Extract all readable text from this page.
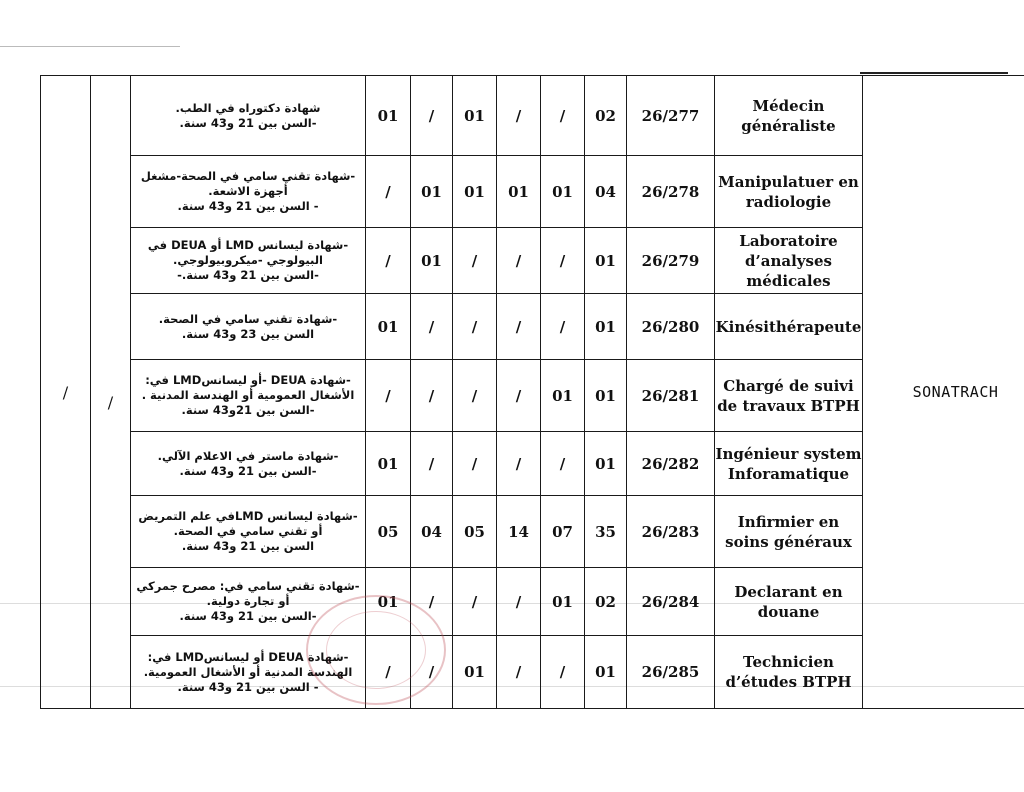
/	/	شهادة دكتوراه في الطب.
-السن بين 21 و43 سنة.	01	/	01	/	/	02	26/277	Médecin généraliste	SONATRACH

		-شهادة تقني سامي في الصحة-مشغل أجهزة الاشعة.
- السن بين 21 و43 سنة.	/	01	01	01	01	04	26/278	Manipulatuer en radiologie	

		-شهادة ليسانس LMD أو DEUA في البيولوجي -ميكروبيولوجي.
-السن بين 21 و43 سنة.-	/	01	/	/	/	01	26/279	Laboratoire d’analyses médicales	

		-شهادة تقني سامي في الصحة.
السن بين 23 و43 سنة.	01	/	/	/	/	01	26/280	Kinésithérapeute	

		-شهادة DEUA -أو ليسانسLMD في:
الأشغال العمومية أو الهندسة المدنية .
-السن بين 21و43 سنة.	/	/	/	/	01	01	26/281	Chargé de suivi de travaux BTPH	

		-شهادة ماستر في الاعلام الآلي.
-السن بين 21 و43 سنة.	01	/	/	/	/	01	26/282	Ingénieur system Inforamatique	

		-شهادة ليسانس LMDفي علم التمريض أو تقني سامي في الصحة.
السن بين 21 و43 سنة.	05	04	05	14	07	35	26/283	Infirmier en soins généraux	

		-شهادة تقني سامي في: مصرح جمركي أو تجارة دولية.
-السن بين 21 و43 سنة.	01	/	/	/	01	02	26/284	Declarant en douane	

		-شهادة DEUA أو ليسانسLMD في:
الهندسة المدنية أو الأشغال العمومية.
- السن بين 21 و43 سنة.	/	/	01	/	/	01	26/285	Technicien d’études BTPH	
